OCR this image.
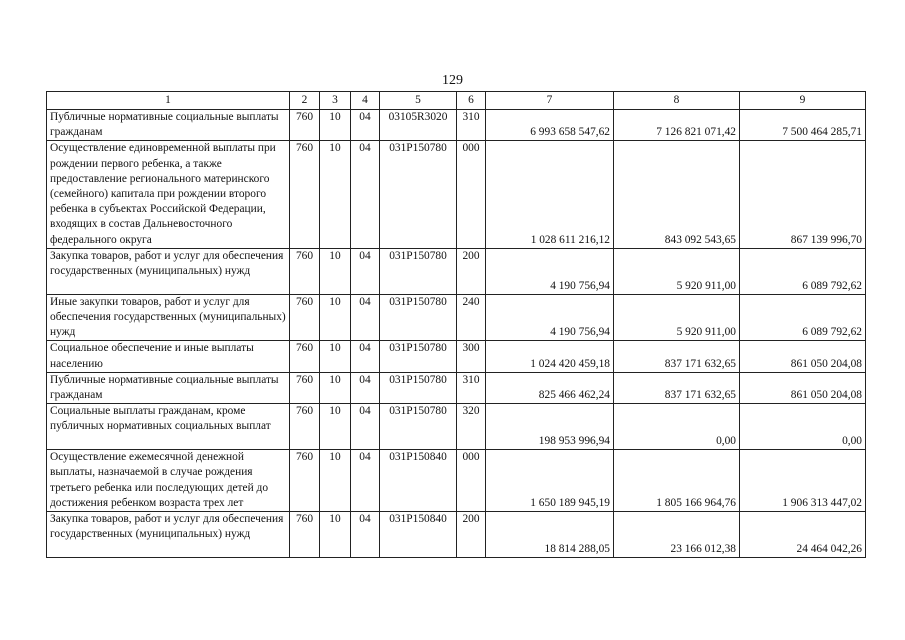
129
1	2	3	4	5	6	7	8	9
Публичные нормативные социальные выплаты гражданам	760	10	04	03105R3020	310	6 993 658 547,62	7 126 821 071,42	7 500 464 285,71
Осуществление единовременной выплаты при рождении первого ребенка, а также предоставление регионального материнского (семейного) капитала при рождении второго ребенка в субъектах Российской Федерации, входящих в состав Дальневосточного федерального округа	760	10	04	031P150780	000	1 028 611 216,12	843 092 543,65	867 139 996,70
Закупка товаров, работ и услуг для обеспечения государственных (муниципальных) нужд	760	10	04	031P150780	200	4 190 756,94	5 920 911,00	6 089 792,62
Иные закупки товаров, работ и услуг для обеспечения государственных (муниципальных) нужд	760	10	04	031P150780	240	4 190 756,94	5 920 911,00	6 089 792,62
Социальное обеспечение и иные выплаты населению	760	10	04	031P150780	300	1 024 420 459,18	837 171 632,65	861 050 204,08
Публичные нормативные социальные выплаты гражданам	760	10	04	031P150780	310	825 466 462,24	837 171 632,65	861 050 204,08
Социальные выплаты гражданам, кроме публичных нормативных социальных выплат	760	10	04	031P150780	320	198 953 996,94	0,00	0,00
Осуществление ежемесячной денежной выплаты, назначаемой в случае рождения третьего ребенка или последующих детей до достижения ребенком возраста трех лет	760	10	04	031P150840	000	1 650 189 945,19	1 805 166 964,76	1 906 313 447,02
Закупка товаров, работ и услуг для обеспечения государственных (муниципальных) нужд	760	10	04	031P150840	200	18 814 288,05	23 166 012,38	24 464 042,26
